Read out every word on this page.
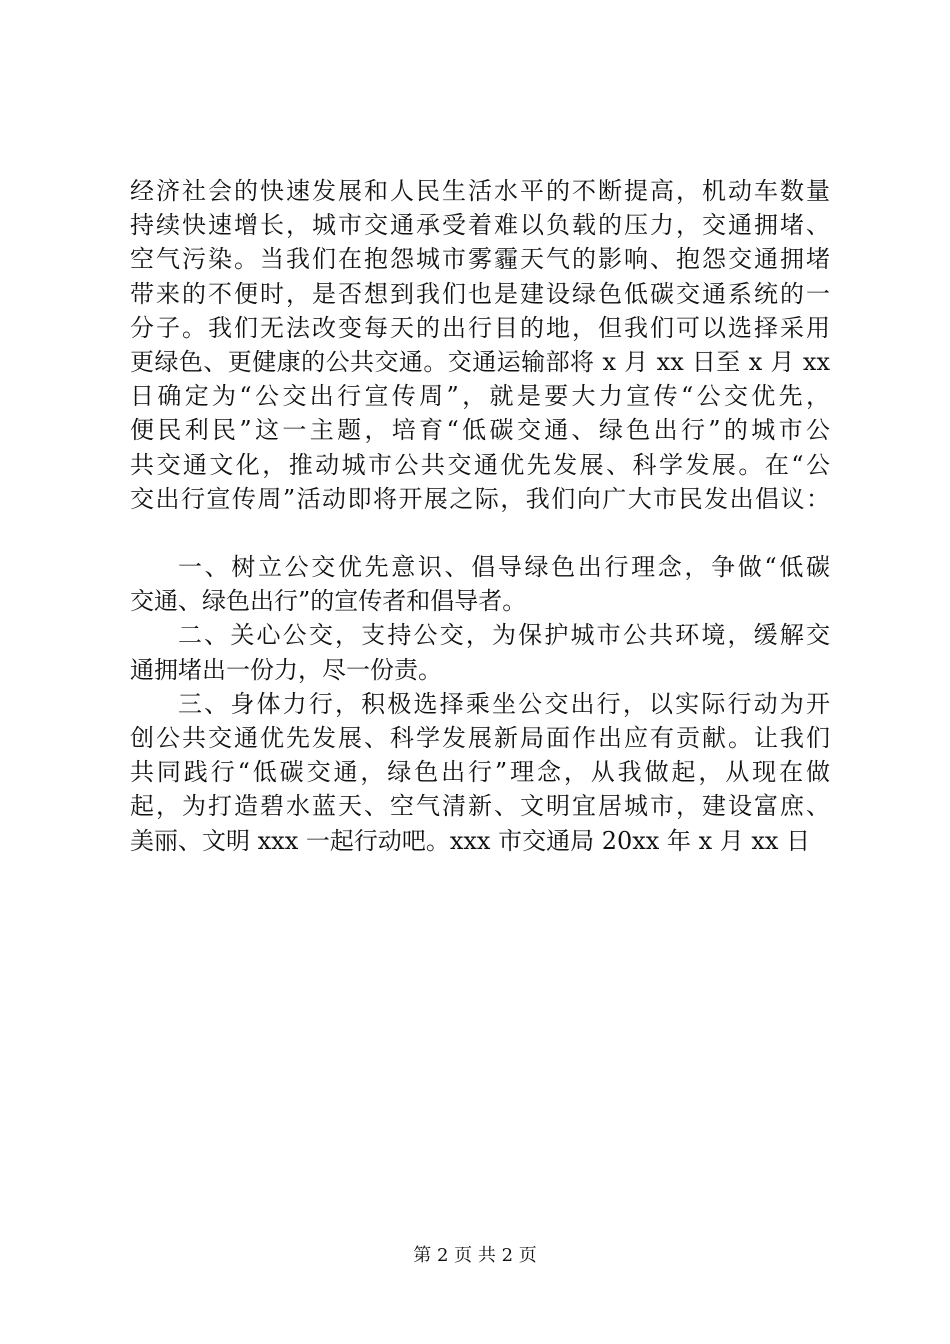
经济社会的快速发展和人民生活水平的不断提高，机动车数量
持续快速增长，城市交通承受着难以负载的压力，交通拥堵、
空气污染。当我们在抱怨城市雾霾天气的影响、抱怨交通拥堵
带来的不便时，是否想到我们也是建设绿色低碳交通系统的一
分子。我们无法改变每天的出行目的地，但我们可以选择采用
更绿色、更健康的公共交通。交通运输部将 x 月 xx 日至 x 月 xx
日确定为“公交出行宣传周”，就是要大力宣传“公交优先，
便民利民”这一主题，培育“低碳交通、绿色出行”的城市公
共交通文化，推动城市公共交通优先发展、科学发展。在“公
交出行宣传周”活动即将开展之际，我们向广大市民发出倡议：
一、树立公交优先意识、倡导绿色出行理念，争做“低碳
交通、绿色出行”的宣传者和倡导者。
二、关心公交，支持公交，为保护城市公共环境，缓解交
通拥堵出一份力，尽一份责。
三、身体力行，积极选择乘坐公交出行，以实际行动为开
创公共交通优先发展、科学发展新局面作出应有贡献。让我们
共同践行“低碳交通，绿色出行”理念，从我做起，从现在做
起，为打造碧水蓝天、空气清新、文明宜居城市，建设富庶、
美丽、文明 xxx 一起行动吧。xxx 市交通局 20xx 年 x 月 xx 日
第 2 页 共 2 页
